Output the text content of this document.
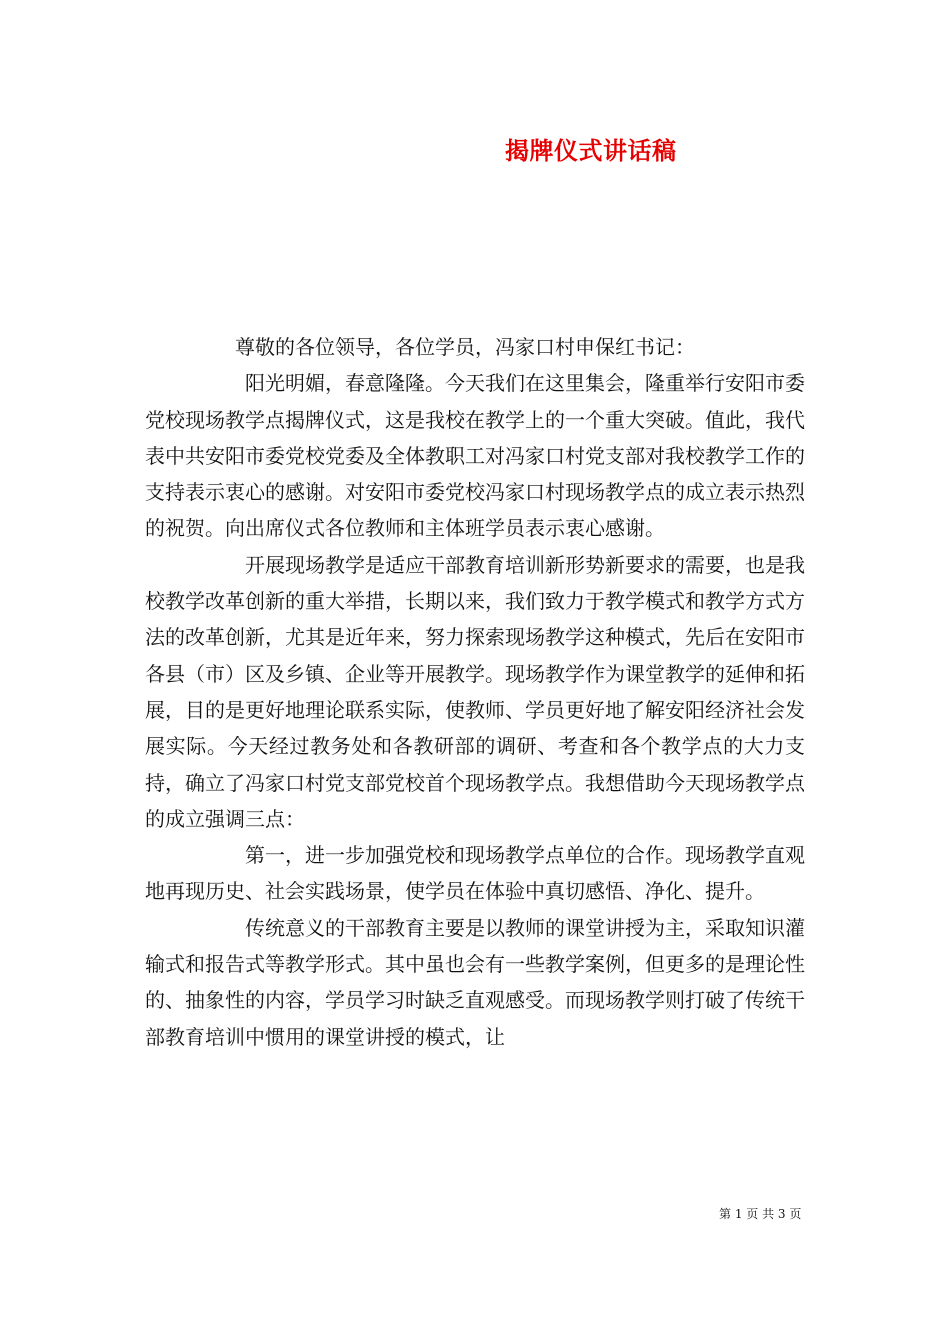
揭牌仪式讲话稿

尊敬的各位领导，各位学员，冯家口村申保红书记：

阳光明媚，春意隆隆。今天我们在这里集会，隆重举行安阳市委党校现场教学点揭牌仪式，这是我校在教学上的一个重大突破。值此，我代表中共安阳市委党校党委及全体教职工对冯家口村党支部对我校教学工作的支持表示衷心的感谢。对安阳市委党校冯家口村现场教学点的成立表示热烈的祝贺。向出席仪式各位教师和主体班学员表示衷心感谢。

开展现场教学是适应干部教育培训新形势新要求的需要，也是我校教学改革创新的重大举措，长期以来，我们致力于教学模式和教学方式方法的改革创新，尤其是近年来，努力探索现场教学这种模式，先后在安阳市各县（市）区及乡镇、企业等开展教学。现场教学作为课堂教学的延伸和拓展，目的是更好地理论联系实际，使教师、学员更好地了解安阳经济社会发展实际。今天经过教务处和各教研部的调研、考查和各个教学点的大力支持，确立了冯家口村党支部党校首个现场教学点。我想借助今天现场教学点的成立强调三点：

第一，进一步加强党校和现场教学点单位的合作。现场教学直观地再现历史、社会实践场景，使学员在体验中真切感悟、净化、提升。

传统意义的干部教育主要是以教师的课堂讲授为主，采取知识灌输式和报告式等教学形式。其中虽也会有一些教学案例，但更多的是理论性的、抽象性的内容，学员学习时缺乏直观感受。而现场教学则打破了传统干部教育培训中惯用的课堂讲授的模式，让

第 1 页 共 3 页
